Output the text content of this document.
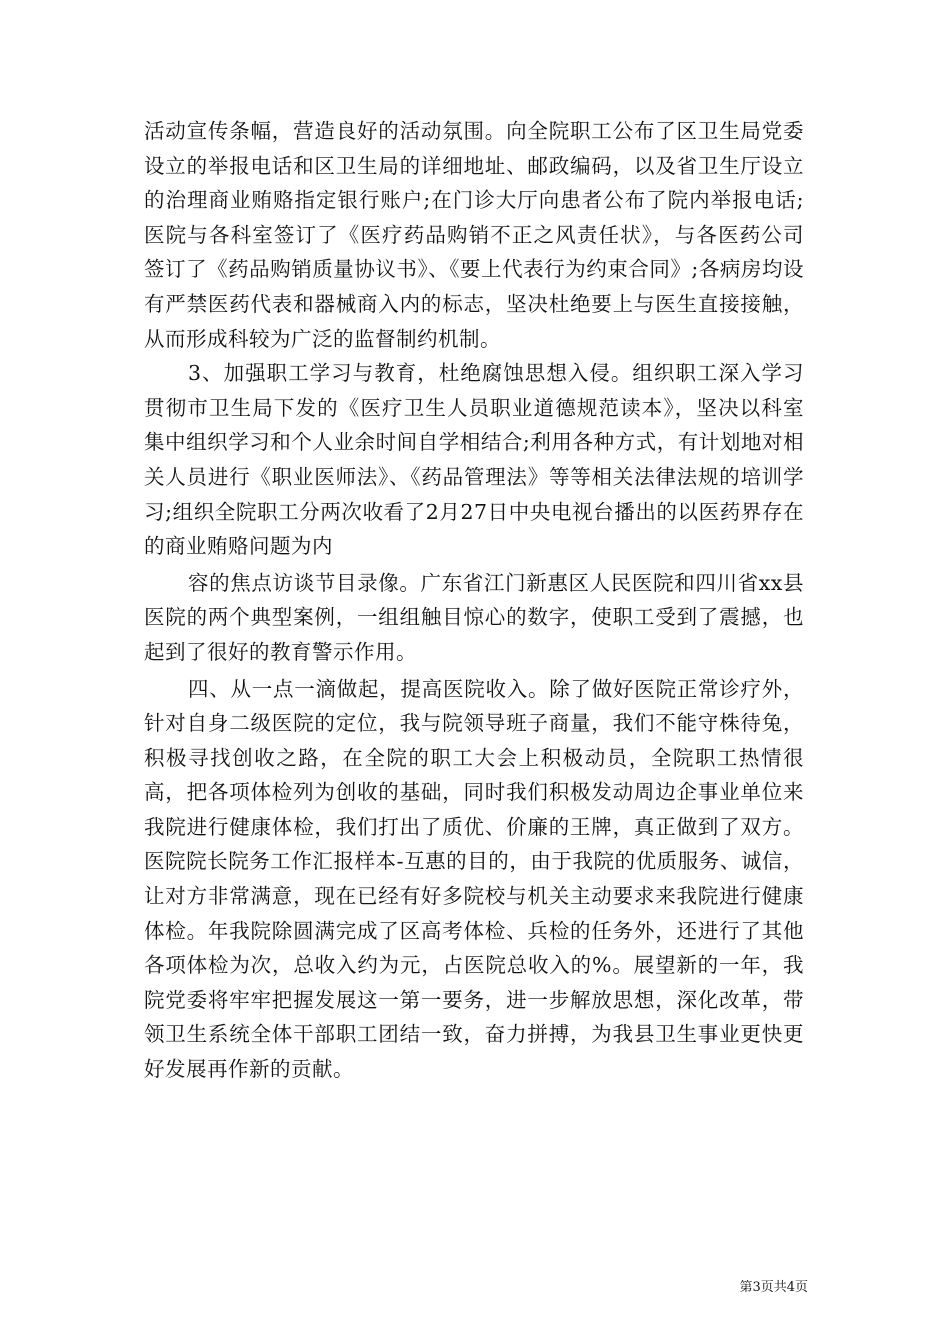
活动宣传条幅，营造良好的活动氛围。向全院职工公布了区卫生局党委设立的举报电话和区卫生局的详细地址、邮政编码，以及省卫生厅设立的治理商业贿赂指定银行账户;在门诊大厅向患者公布了院内举报电话;医院与各科室签订了《医疗药品购销不正之风责任状》，与各医药公司签订了《药品购销质量协议书》、《要上代表行为约束合同》;各病房均设有严禁医药代表和器械商入内的标志，坚决杜绝要上与医生直接接触，从而形成科较为广泛的监督制约机制。

3、加强职工学习与教育，杜绝腐蚀思想入侵。组织职工深入学习贯彻市卫生局下发的《医疗卫生人员职业道德规范读本》，坚决以科室集中组织学习和个人业余时间自学相结合;利用各种方式，有计划地对相关人员进行《职业医师法》、《药品管理法》等等相关法律法规的培训学习;组织全院职工分两次收看了2月27日中央电视台播出的以医药界存在的商业贿赂问题为内

容的焦点访谈节目录像。广东省江门新惠区人民医院和四川省xx县医院的两个典型案例，一组组触目惊心的数字，使职工受到了震撼，也起到了很好的教育警示作用。

四、从一点一滴做起，提高医院收入。除了做好医院正常诊疗外，针对自身二级医院的定位，我与院领导班子商量，我们不能守株待兔，积极寻找创收之路，在全院的职工大会上积极动员，全院职工热情很高，把各项体检列为创收的基础，同时我们积极发动周边企事业单位来我院进行健康体检，我们打出了质优、价廉的王牌，真正做到了双方。医院院长院务工作汇报样本-互惠的目的，由于我院的优质服务、诚信，让对方非常满意，现在已经有好多院校与机关主动要求来我院进行健康体检。年我院除圆满完成了区高考体检、兵检的任务外，还进行了其他各项体检为次，总收入约为元，占医院总收入的%。展望新的一年，我院党委将牢牢把握发展这一第一要务，进一步解放思想，深化改革，带领卫生系统全体干部职工团结一致，奋力拼搏，为我县卫生事业更快更好发展再作新的贡献。

第3页共4页
